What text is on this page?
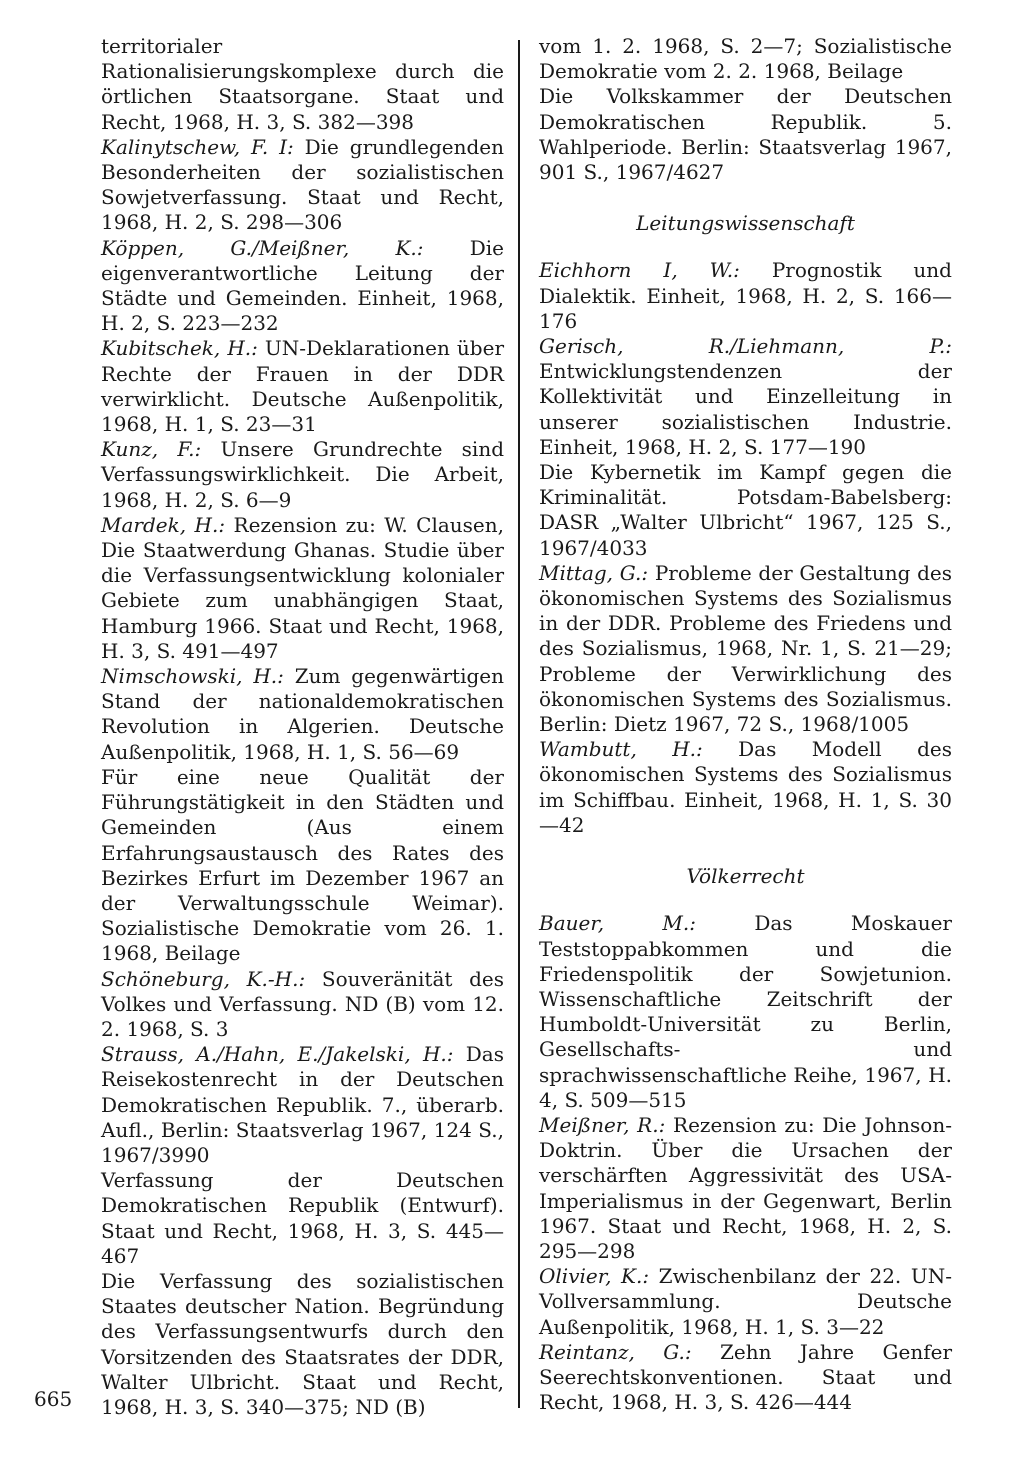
territorialer Rationalisierungskomplexe durch die örtlichen Staatsorgane. Staat und Recht, 1968, H. 3, S. 382—398

Kalinytschew, F. I: Die grundlegenden Besonderheiten der sozialistischen Sowjetverfassung. Staat und Recht, 1968, H. 2, S. 298—306

Köppen, G./Meißner, K.: Die eigenverantwortliche Leitung der Städte und Gemeinden. Einheit, 1968, H. 2, S. 223—232

Kubitschek, H.: UN-Deklarationen über Rechte der Frauen in der DDR verwirklicht. Deutsche Außenpolitik, 1968, H. 1, S. 23—31

Kunz, F.: Unsere Grundrechte sind Verfassungswirklichkeit. Die Arbeit, 1968, H. 2, S. 6—9

Mardek, H.: Rezension zu: W. Clausen, Die Staatwerdung Ghanas. Studie über die Verfassungsentwicklung kolonialer Gebiete zum unabhängigen Staat, Hamburg 1966. Staat und Recht, 1968, H. 3, S. 491—497

Nimschowski, H.: Zum gegenwärtigen Stand der nationaldemokratischen Revolution in Algerien. Deutsche Außenpolitik, 1968, H. 1, S. 56—69

Für eine neue Qualität der Führungstätigkeit in den Städten und Gemeinden (Aus einem Erfahrungsaustausch des Rates des Bezirkes Erfurt im Dezember 1967 an der Verwaltungsschule Weimar). Sozialistische Demokratie vom 26. 1. 1968, Beilage

Schöneburg, K.-H.: Souveränität des Volkes und Verfassung. ND (B) vom 12. 2. 1968, S. 3

Strauss, A./Hahn, E./Jakelski, H.: Das Reisekostenrecht in der Deutschen Demokratischen Republik. 7., überarb. Aufl., Berlin: Staatsverlag 1967, 124 S., 1967/3990

Verfassung der Deutschen Demokratischen Republik (Entwurf). Staat und Recht, 1968, H. 3, S. 445—467

Die Verfassung des sozialistischen Staates deutscher Nation. Begründung des Verfassungsentwurfs durch den Vorsitzenden des Staatsrates der DDR, Walter Ulbricht. Staat und Recht, 1968, H. 3, S. 340—375; ND (B)

vom 1. 2. 1968, S. 2—7; Sozialistische Demokratie vom 2. 2. 1968, Beilage

Die Volkskammer der Deutschen Demokratischen Republik. 5. Wahlperiode. Berlin: Staatsverlag 1967, 901 S., 1967/4627

Leitungswissenschaft

Eichhorn I, W.: Prognostik und Dialektik. Einheit, 1968, H. 2, S. 166—176

Gerisch, R./Liehmann, P.: Entwicklungstendenzen der Kollektivität und Einzelleitung in unserer sozialistischen Industrie. Einheit, 1968, H. 2, S. 177—190

Die Kybernetik im Kampf gegen die Kriminalität. Potsdam-Babelsberg: DASR „Walter Ulbricht“ 1967, 125 S., 1967/4033

Mittag, G.: Probleme der Gestaltung des ökonomischen Systems des Sozialismus in der DDR. Probleme des Friedens und des Sozialismus, 1968, Nr. 1, S. 21—29; Probleme der Verwirklichung des ökonomischen Systems des Sozialismus. Berlin: Dietz 1967, 72 S., 1968/1005

Wambutt, H.: Das Modell des ökonomischen Systems des Sozialismus im Schiffbau. Einheit, 1968, H. 1, S. 30—42

Völkerrecht

Bauer, M.: Das Moskauer Teststoppabkommen und die Friedenspolitik der Sowjetunion. Wissenschaftliche Zeitschrift der Humboldt-Universität zu Berlin, Gesellschafts- und sprachwissenschaftliche Reihe, 1967, H. 4, S. 509—515

Meißner, R.: Rezension zu: Die Johnson-Doktrin. Über die Ursachen der verschärften Aggressivität des USA-Imperialismus in der Gegenwart, Berlin 1967. Staat und Recht, 1968, H. 2, S. 295—298

Olivier, K.: Zwischenbilanz der 22. UN-Vollversammlung. Deutsche Außenpolitik, 1968, H. 1, S. 3—22

Reintanz, G.: Zehn Jahre Genfer Seerechtskonventionen. Staat und Recht, 1968, H. 3, S. 426—444

665
